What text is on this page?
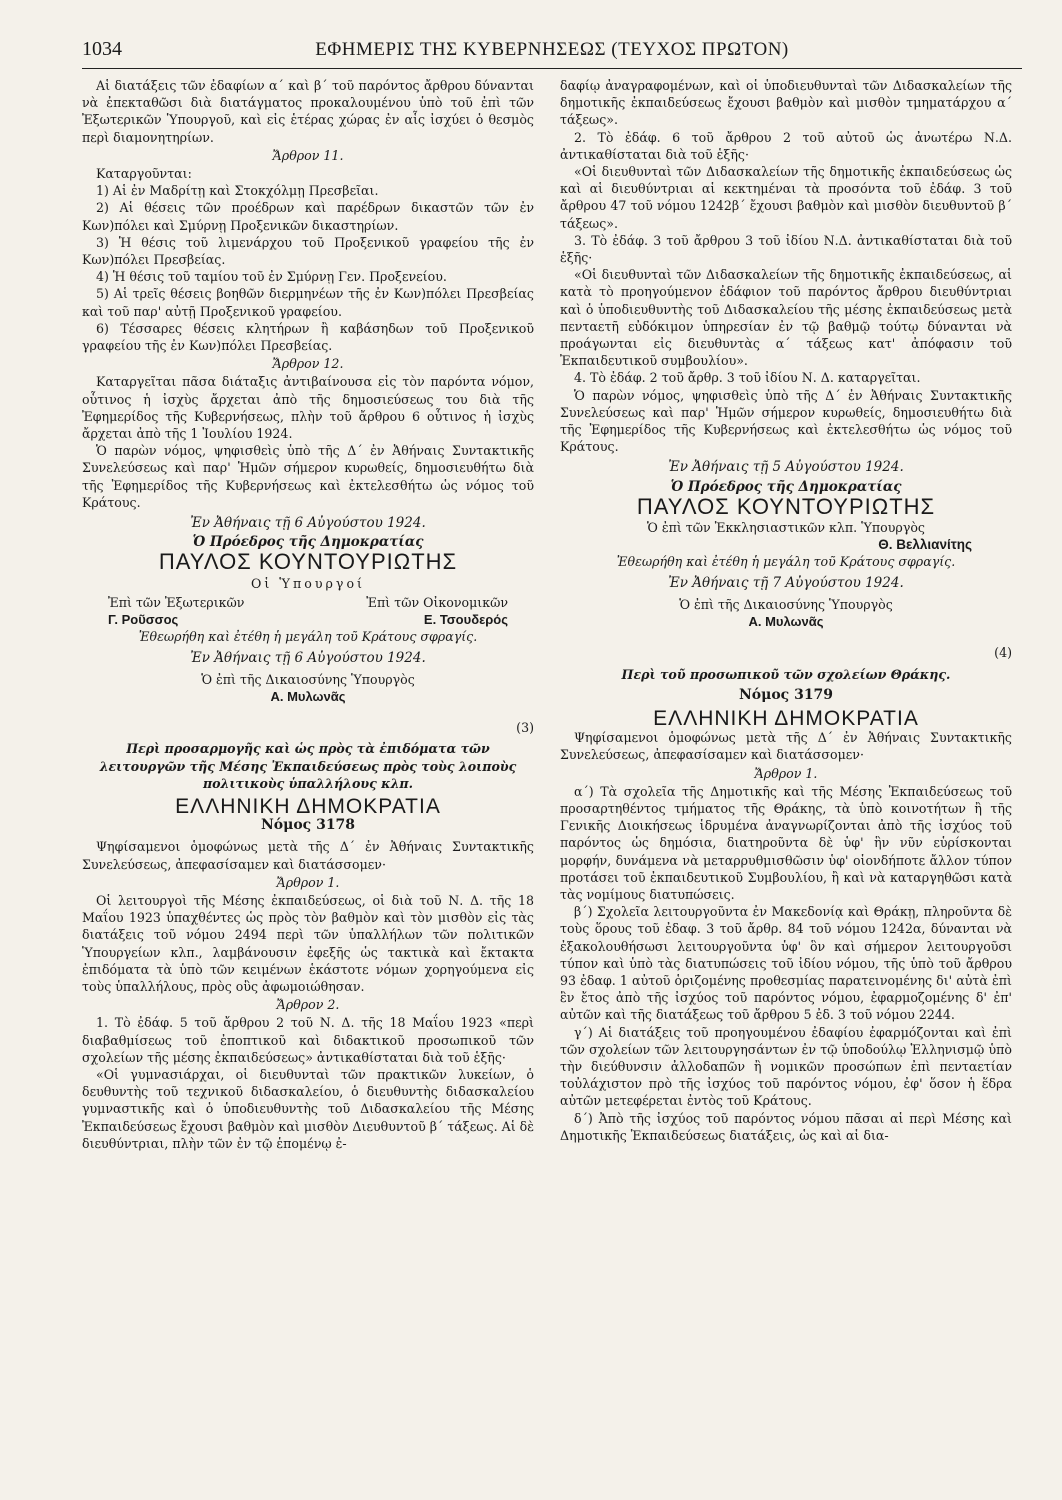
1034	ΕΦΗΜΕΡΙΣ ΤΗΣ ΚΥΒΕΡΝΗΣΕΩΣ (ΤΕΥΧΟΣ ΠΡΩΤΟΝ)

Αἱ διατάξεις τῶν ἐδαφίων α΄ καὶ β΄ τοῦ παρόντος ἄρθρου δύνανται νὰ ἐπεκταθῶσι διὰ διατάγματος προκαλουμένου ὑπὸ τοῦ ἐπὶ τῶν Ἐξωτερικῶν Ὑπουργοῦ, καὶ εἰς ἑτέρας χώρας ἐν αἷς ἰσχύει ὁ θεσμὸς περὶ διαμονητηρίων.

Ἄρθρον 11.

Καταργοῦνται:

1) Αἱ ἐν Μαδρίτῃ καὶ Στοκχόλμῃ Πρεσβεῖαι.

2) Αἱ θέσεις τῶν προέδρων καὶ παρέδρων δικαστῶν τῶν ἐν Κων)πόλει καὶ Σμύρνῃ Προξενικῶν δικαστηρίων.

3) Ἡ θέσις τοῦ λιμενάρχου τοῦ Προξενικοῦ γραφείου τῆς ἐν Κων)πόλει Πρεσβείας.

4) Ἡ θέσις τοῦ ταμίου τοῦ ἐν Σμύρνῃ Γεν. Προξενείου.

5) Αἱ τρεῖς θέσεις βοηθῶν διερμηνέων τῆς ἐν Κων)πόλει Πρεσβείας καὶ τοῦ παρ' αὐτῇ Προξενικοῦ γραφείου.

6) Τέσσαρες θέσεις κλητήρων ἢ καβάσηδων τοῦ Προξενικοῦ γραφείου τῆς ἐν Κων)πόλει Πρεσβείας.

Ἄρθρον 12.

Καταργεῖται πᾶσα διάταξις ἀντιβαίνουσα εἰς τὸν παρόντα νόμον, οὗτινος ἡ ἰσχὺς ἄρχεται ἀπὸ τῆς δημοσιεύσεως του διὰ τῆς Ἐφημερίδος τῆς Κυβερνήσεως, πλὴν τοῦ ἄρθρου 6 οὗτινος ἡ ἰσχὺς ἄρχεται ἀπὸ τῆς 1 Ἰουλίου 1924.

Ὁ παρὼν νόμος, ψηφισθεὶς ὑπὸ τῆς Δ΄ ἐν Ἀθήναις Συντακτικῆς Συνελεύσεως καὶ παρ' Ἡμῶν σήμερον κυρωθείς, δημοσιευθήτω διὰ τῆς Ἐφημερίδος τῆς Κυβερνήσεως καὶ ἐκτελεσθήτω ὡς νόμος τοῦ Κράτους.

Ἐν Ἀθήναις τῇ 6 Αὐγούστου 1924.
Ὁ Πρόεδρος τῆς Δημοκρατίας
ΠΑΥΛΟΣ ΚΟΥΝΤΟΥΡΙΩΤΗΣ
Οἱ Ὑπουργοί
Ἐπὶ τῶν Ἐξωτερικῶν	Ἐπὶ τῶν Οἰκονομικῶν
Γ. Ροῦσσος	Ε. Τσουδερός
Ἐθεωρήθη καὶ ἐτέθη ἡ μεγάλη τοῦ Κράτους σφραγίς.
Ἐν Ἀθήναις τῇ 6 Αὐγούστου 1924.
Ὁ ἐπὶ τῆς Δικαιοσύνης Ὑπουργὸς
Α. Μυλωνᾶς
(3)
Περὶ προσαρμογῆς καὶ ὡς πρὸς τὰ ἐπιδόματα τῶν λειτουργῶν τῆς Μέσης Ἐκπαιδεύσεως πρὸς τοὺς λοιποὺς πολιτικοὺς ὑπαλλήλους κλπ.
ΕΛΛΗΝΙΚΗ ΔΗΜΟΚΡΑΤΙΑ
Νόμος 3178

Ψηφίσαμενοι ὁμοφώνως μετὰ τῆς Δ΄ ἐν Ἀθήναις Συντακτικῆς Συνελεύσεως, ἀπεφασίσαμεν καὶ διατάσσομεν·

Ἄρθρον 1.

Οἱ λειτουργοὶ τῆς Μέσης ἐκπαιδεύσεως, οἱ διὰ τοῦ Ν. Δ. τῆς 18 Μαΐου 1923 ὑπαχθέντες ὡς πρὸς τὸν βαθμὸν καὶ τὸν μισθὸν εἰς τὰς διατάξεις τοῦ νόμου 2494 περὶ τῶν ὑπαλλήλων τῶν πολιτικῶν Ὑπουργείων κλπ., λαμβάνουσιν ἐφεξῆς ὡς τακτικὰ καὶ ἔκτακτα ἐπιδόματα τὰ ὑπὸ τῶν κειμένων ἑκάστοτε νόμων χορηγούμενα εἰς τοὺς ὑπαλλήλους, πρὸς οὓς ἀφωμοιώθησαν.

Ἄρθρον 2.

1. Τὸ ἐδάφ. 5 τοῦ ἄρθρου 2 τοῦ Ν. Δ. τῆς 18 Μαΐου 1923 «περὶ διαβαθμίσεως τοῦ ἐποπτικοῦ καὶ διδακτικοῦ προσωπικοῦ τῶν σχολείων τῆς μέσης ἐκπαιδεύσεως» ἀντικαθίσταται διὰ τοῦ ἑξῆς·

«Οἱ γυμνασιάρχαι, οἱ διευθυνταὶ τῶν πρακτικῶν λυκείων, ὁ δευθυντὴς τοῦ τεχνικοῦ διδασκαλείου, ὁ διευθυντὴς διδασκαλείου γυμναστικῆς καὶ ὁ ὑποδιευθυντὴς τοῦ Διδασκαλείου τῆς Μέσης Ἐκπαιδεύσεως ἔχουσι βαθμὸν καὶ μισθὸν Διευθυντοῦ β΄ τάξεως. Αἱ δὲ διευθύντριαι, πλὴν τῶν ἐν τῷ ἑπομένῳ ἐ-

δαφίῳ ἀναγραφομένων, καὶ οἱ ὑποδιευθυνταὶ τῶν Διδασκαλείων τῆς δημοτικῆς ἐκπαιδεύσεως ἔχουσι βαθμὸν καὶ μισθὸν τμηματάρχου α΄ τάξεως».

2. Τὸ ἐδάφ. 6 τοῦ ἄρθρου 2 τοῦ αὐτοῦ ὡς ἀνωτέρω Ν.Δ. ἀντικαθίσταται διὰ τοῦ ἑξῆς·

«Οἱ διευθυνταὶ τῶν Διδασκαλείων τῆς δημοτικῆς ἐκπαιδεύσεως ὡς καὶ αἱ διευθύντριαι αἱ κεκτημέναι τὰ προσόντα τοῦ ἐδάφ. 3 τοῦ ἄρθρου 47 τοῦ νόμου 1242β΄ ἔχουσι βαθμὸν καὶ μισθὸν διευθυντοῦ β΄ τάξεως».

3. Τὸ ἐδάφ. 3 τοῦ ἄρθρου 3 τοῦ ἰδίου Ν.Δ. ἀντικαθίσταται διὰ τοῦ ἑξῆς·

«Οἱ διευθυνταὶ τῶν Διδασκαλείων τῆς δημοτικῆς ἐκπαιδεύσεως, αἱ κατὰ τὸ προηγούμενον ἐδάφιον τοῦ παρόντος ἄρθρου διευθύντριαι καὶ ὁ ὑποδιευθυντὴς τοῦ Διδασκαλείου τῆς μέσης ἐκπαιδεύσεως μετὰ πενταετῆ εὐδόκιμον ὑπηρεσίαν ἐν τῷ βαθμῷ τούτῳ δύνανται νὰ προάγωνται εἰς διευθυντὰς α΄ τάξεως κατ' ἀπόφασιν τοῦ Ἐκπαιδευτικοῦ συμβουλίου».

4. Τὸ ἐδάφ. 2 τοῦ ἄρθρ. 3 τοῦ ἰδίου Ν. Δ. καταργεῖται.

Ὁ παρὼν νόμος, ψηφισθεὶς ὑπὸ τῆς Δ΄ ἐν Ἀθήναις Συντακτικῆς Συνελεύσεως καὶ παρ' Ἡμῶν σήμερον κυρωθείς, δημοσιευθήτω διὰ τῆς Ἐφημερίδος τῆς Κυβερνήσεως καὶ ἐκτελεσθήτω ὡς νόμος τοῦ Κράτους.

Ἐν Ἀθήναις τῇ 5 Αὐγούστου 1924.
Ὁ Πρόεδρος τῆς Δημοκρατίας
ΠΑΥΛΟΣ ΚΟΥΝΤΟΥΡΙΩΤΗΣ
Ὁ ἐπὶ τῶν Ἐκκλησιαστικῶν κλπ. Ὑπουργὸς
Θ. Βελλιανίτης
Ἐθεωρήθη καὶ ἐτέθη ἡ μεγάλη τοῦ Κράτους σφραγίς.
Ἐν Ἀθήναις τῇ 7 Αὐγούστου 1924.
Ὁ ἐπὶ τῆς Δικαιοσύνης Ὑπουργὸς
Α. Μυλωνᾶς
(4)
Περὶ τοῦ προσωπικοῦ τῶν σχολείων Θράκης.
Νόμος 3179
ΕΛΛΗΝΙΚΗ ΔΗΜΟΚΡΑΤΙΑ

Ψηφίσαμενοι ὁμοφώνως μετὰ τῆς Δ΄ ἐν Ἀθήναις Συντακτικῆς Συνελεύσεως, ἀπεφασίσαμεν καὶ διατάσσομεν·

Ἄρθρον 1.

α΄) Τὰ σχολεῖα τῆς Δημοτικῆς καὶ τῆς Μέσης Ἐκπαιδεύσεως τοῦ προσαρτηθέντος τμήματος τῆς Θράκης, τὰ ὑπὸ κοινοτήτων ἢ τῆς Γενικῆς Διοικήσεως ἱδρυμένα ἀναγνωρίζονται ἀπὸ τῆς ἰσχύος τοῦ παρόντος ὡς δημόσια, διατηροῦντα δὲ ὑφ' ἣν νῦν εὑρίσκονται μορφήν, δυνάμενα νὰ μεταρρυθμισθῶσιν ὑφ' οἱονδήποτε ἄλλον τύπον προτάσει τοῦ ἐκπαιδευτικοῦ Συμβουλίου, ἢ καὶ νὰ καταργηθῶσι κατὰ τὰς νομίμους διατυπώσεις.

β΄) Σχολεῖα λειτουργοῦντα ἐν Μακεδονίᾳ καὶ Θράκῃ, πληροῦντα δὲ τοὺς ὅρους τοῦ ἐδαφ. 3 τοῦ ἄρθρ. 84 τοῦ νόμου 1242α, δύνανται νὰ ἐξακολουθήσωσι λειτουργοῦντα ὑφ' ὃν καὶ σήμερον λειτουργοῦσι τύπον καὶ ὑπὸ τὰς διατυπώσεις τοῦ ἰδίου νόμου, τῆς ὑπὸ τοῦ ἄρθρου 93 ἐδαφ. 1 αὐτοῦ ὁριζομένης προθεσμίας παρατεινομένης δι' αὐτὰ ἐπὶ ἓν ἔτος ἀπὸ τῆς ἰσχύος τοῦ παρόντος νόμου, ἐφαρμοζομένης δ' ἐπ' αὐτῶν καὶ τῆς διατάξεως τοῦ ἄρθρου 5 ἐδ. 3 τοῦ νόμου 2244.

γ΄) Αἱ διατάξεις τοῦ προηγουμένου ἐδαφίου ἐφαρμόζονται καὶ ἐπὶ τῶν σχολείων τῶν λειτουργησάντων ἐν τῷ ὑποδούλῳ Ἑλληνισμῷ ὑπὸ τὴν διεύθυνσιν ἀλλοδαπῶν ἢ νομικῶν προσώπων ἐπὶ πενταετίαν τοὐλάχιστον πρὸ τῆς ἰσχύος τοῦ παρόντος νόμου, ἐφ' ὅσον ἡ ἕδρα αὐτῶν μετεφέρεται ἐντὸς τοῦ Κράτους.

δ΄) Ἀπὸ τῆς ἰσχύος τοῦ παρόντος νόμου πᾶσαι αἱ περὶ Μέσης καὶ Δημοτικῆς Ἐκπαιδεύσεως διατάξεις, ὡς καὶ αἱ δια-
